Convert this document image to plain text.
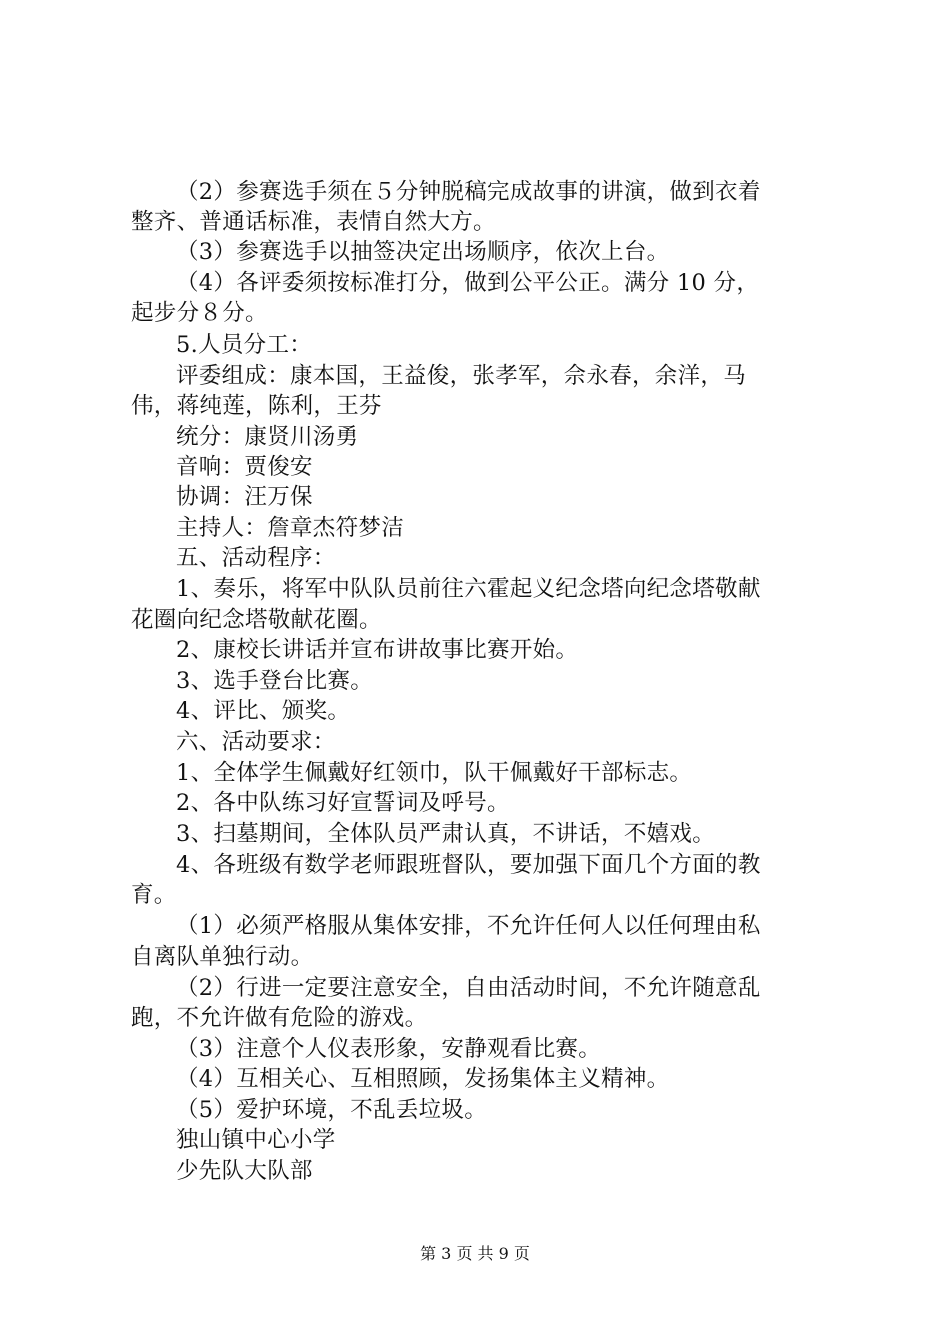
（2）参赛选手须在５分钟脱稿完成故事的讲演，做到衣着
整齐、普通话标准，表情自然大方。
（3）参赛选手以抽签决定出场顺序，依次上台。
（4）各评委须按标准打分，做到公平公正。满分 10 分，
起步分８分。
5.人员分工：
评委组成：康本国，王益俊，张孝军，佘永春，余洋，马
伟，蒋纯莲，陈利，王芬
统分：康贤川汤勇
音响：贾俊安
协调：汪万保
主持人：詹章杰符梦洁
五、活动程序：
1、奏乐，将军中队队员前往六霍起义纪念塔向纪念塔敬献
花圈向纪念塔敬献花圈。
2、康校长讲话并宣布讲故事比赛开始。
3、选手登台比赛。
4、评比、颁奖。
六、活动要求：
1、全体学生佩戴好红领巾，队干佩戴好干部标志。
2、各中队练习好宣誓词及呼号。
3、扫墓期间，全体队员严肃认真，不讲话，不嬉戏。
4、各班级有数学老师跟班督队，要加强下面几个方面的教
育。
（1）必须严格服从集体安排，不允许任何人以任何理由私
自离队单独行动。
（2）行进一定要注意安全，自由活动时间，不允许随意乱
跑，不允许做有危险的游戏。
（3）注意个人仪表形象，安静观看比赛。
（4）互相关心、互相照顾，发扬集体主义精神。
（5）爱护环境，不乱丢垃圾。
独山镇中心小学
少先队大队部
第 3 页 共 9 页
